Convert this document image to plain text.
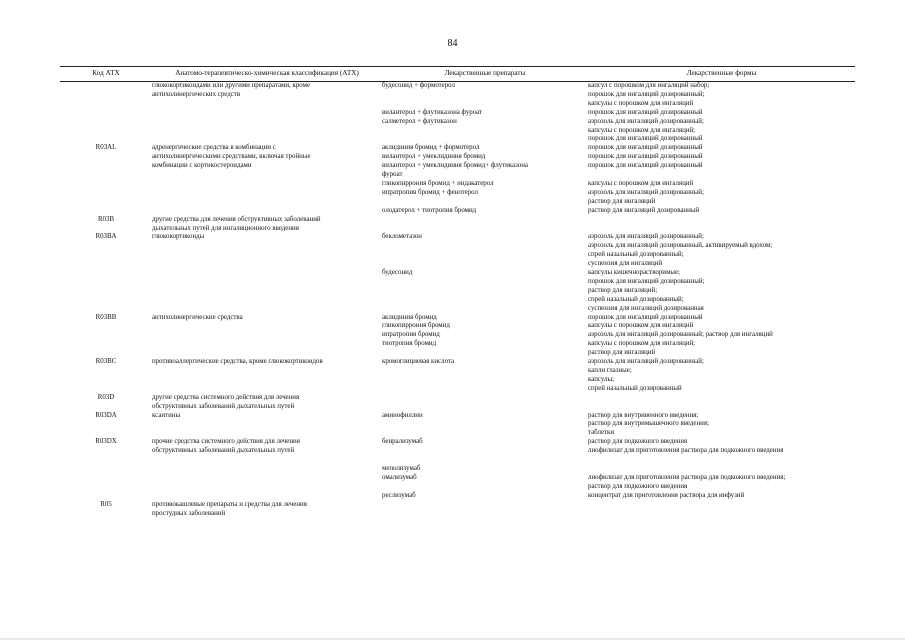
84
Код АТХ	Анатомо-терапевтическо-химическая классификация (АТХ)	Лекарственные препараты	Лекарственные формы
глюкокортикоидами или другими препаратами, кроме
антихолинергических средств
будесонид + формотерол	капсул с порошком для ингаляций набор;
порошок для ингаляций дозированный;
капсулы с порошком для ингаляций
вилантерол + флутиказона фуроат	порошок для ингаляций дозированный
салметерол + флутиказон	аэрозоль для ингаляций дозированный;
капсулы с порошком для ингаляций;
порошок для ингаляций дозированный
R03AL	адренергические средства в комбинации с
антихолинергическими средствами, включая тройные
комбинации с кортикостероидами
аклидиния бромид + формотерол	порошок для ингаляций дозированный
вилантерол + умеклидиния бромид	порошок для ингаляций дозированный
вилантерол + умеклидиния бромид+ флутиказона
фуроат
порошок для ингаляций дозированный
гликопиррония бромид + индакатерол	капсулы с порошком для ингаляций
ипратропия бромид + фенотерол	аэрозоль для ингаляций дозированный;
раствор для ингаляций
олодатерол + тиотропия бромид	раствор для ингаляций дозированный
R03B	другие средства для лечения обструктивных заболеваний
дыхательных путей для ингаляционного введения
R03BA	глюкокортикоиды	беклометазон	аэрозоль для ингаляций дозированный;
аэрозоль для ингаляций дозированный, активируемый вдохом;
спрей назальный дозированный;
суспензия для ингаляций
будесонид	капсулы кишечнорастворимые;
порошок для ингаляций дозированный;
раствор для ингаляций;
спрей назальный дозированный;
суспензия для ингаляций дозированная
R03BB	антихолинергические средства	аклидиния бромид	порошок для ингаляций дозированный
гликопиррония бромид	капсулы с порошком для ингаляций
ипратропия бромид	аэрозоль для ингаляций дозированный; раствор для ингаляций
тиотропия бромид	капсулы с порошком для ингаляций;
раствор для ингаляций
R03BC	противоаллергические средства, кроме глюкокортикоидов	кромоглициевая кислота	аэрозоль для ингаляций дозированный;
капли глазные;
капсулы;
спрей назальный дозированный
R03D	другие средства системного действия для лечения
обструктивных заболеваний дыхательных путей
R03DA	ксантины	аминофиллин	раствор для внутривенного введения;
раствор для внутримышечного введения;
таблетки
R03DX	прочие средства системного действия для лечения
обструктивных заболеваний дыхательных путей
бенрализумаб	раствор для подкожного введения

лиофилизат для приготовления раствора для подкожного введения

меполизумаб

омализумаб	лиофилизат для приготовления раствора для подкожного введения;
раствор для подкожного введения
реслизумаб	концентрат для приготовления раствора для инфузий
R05	противокашлевые препараты и средства для лечения
простудных заболеваний
